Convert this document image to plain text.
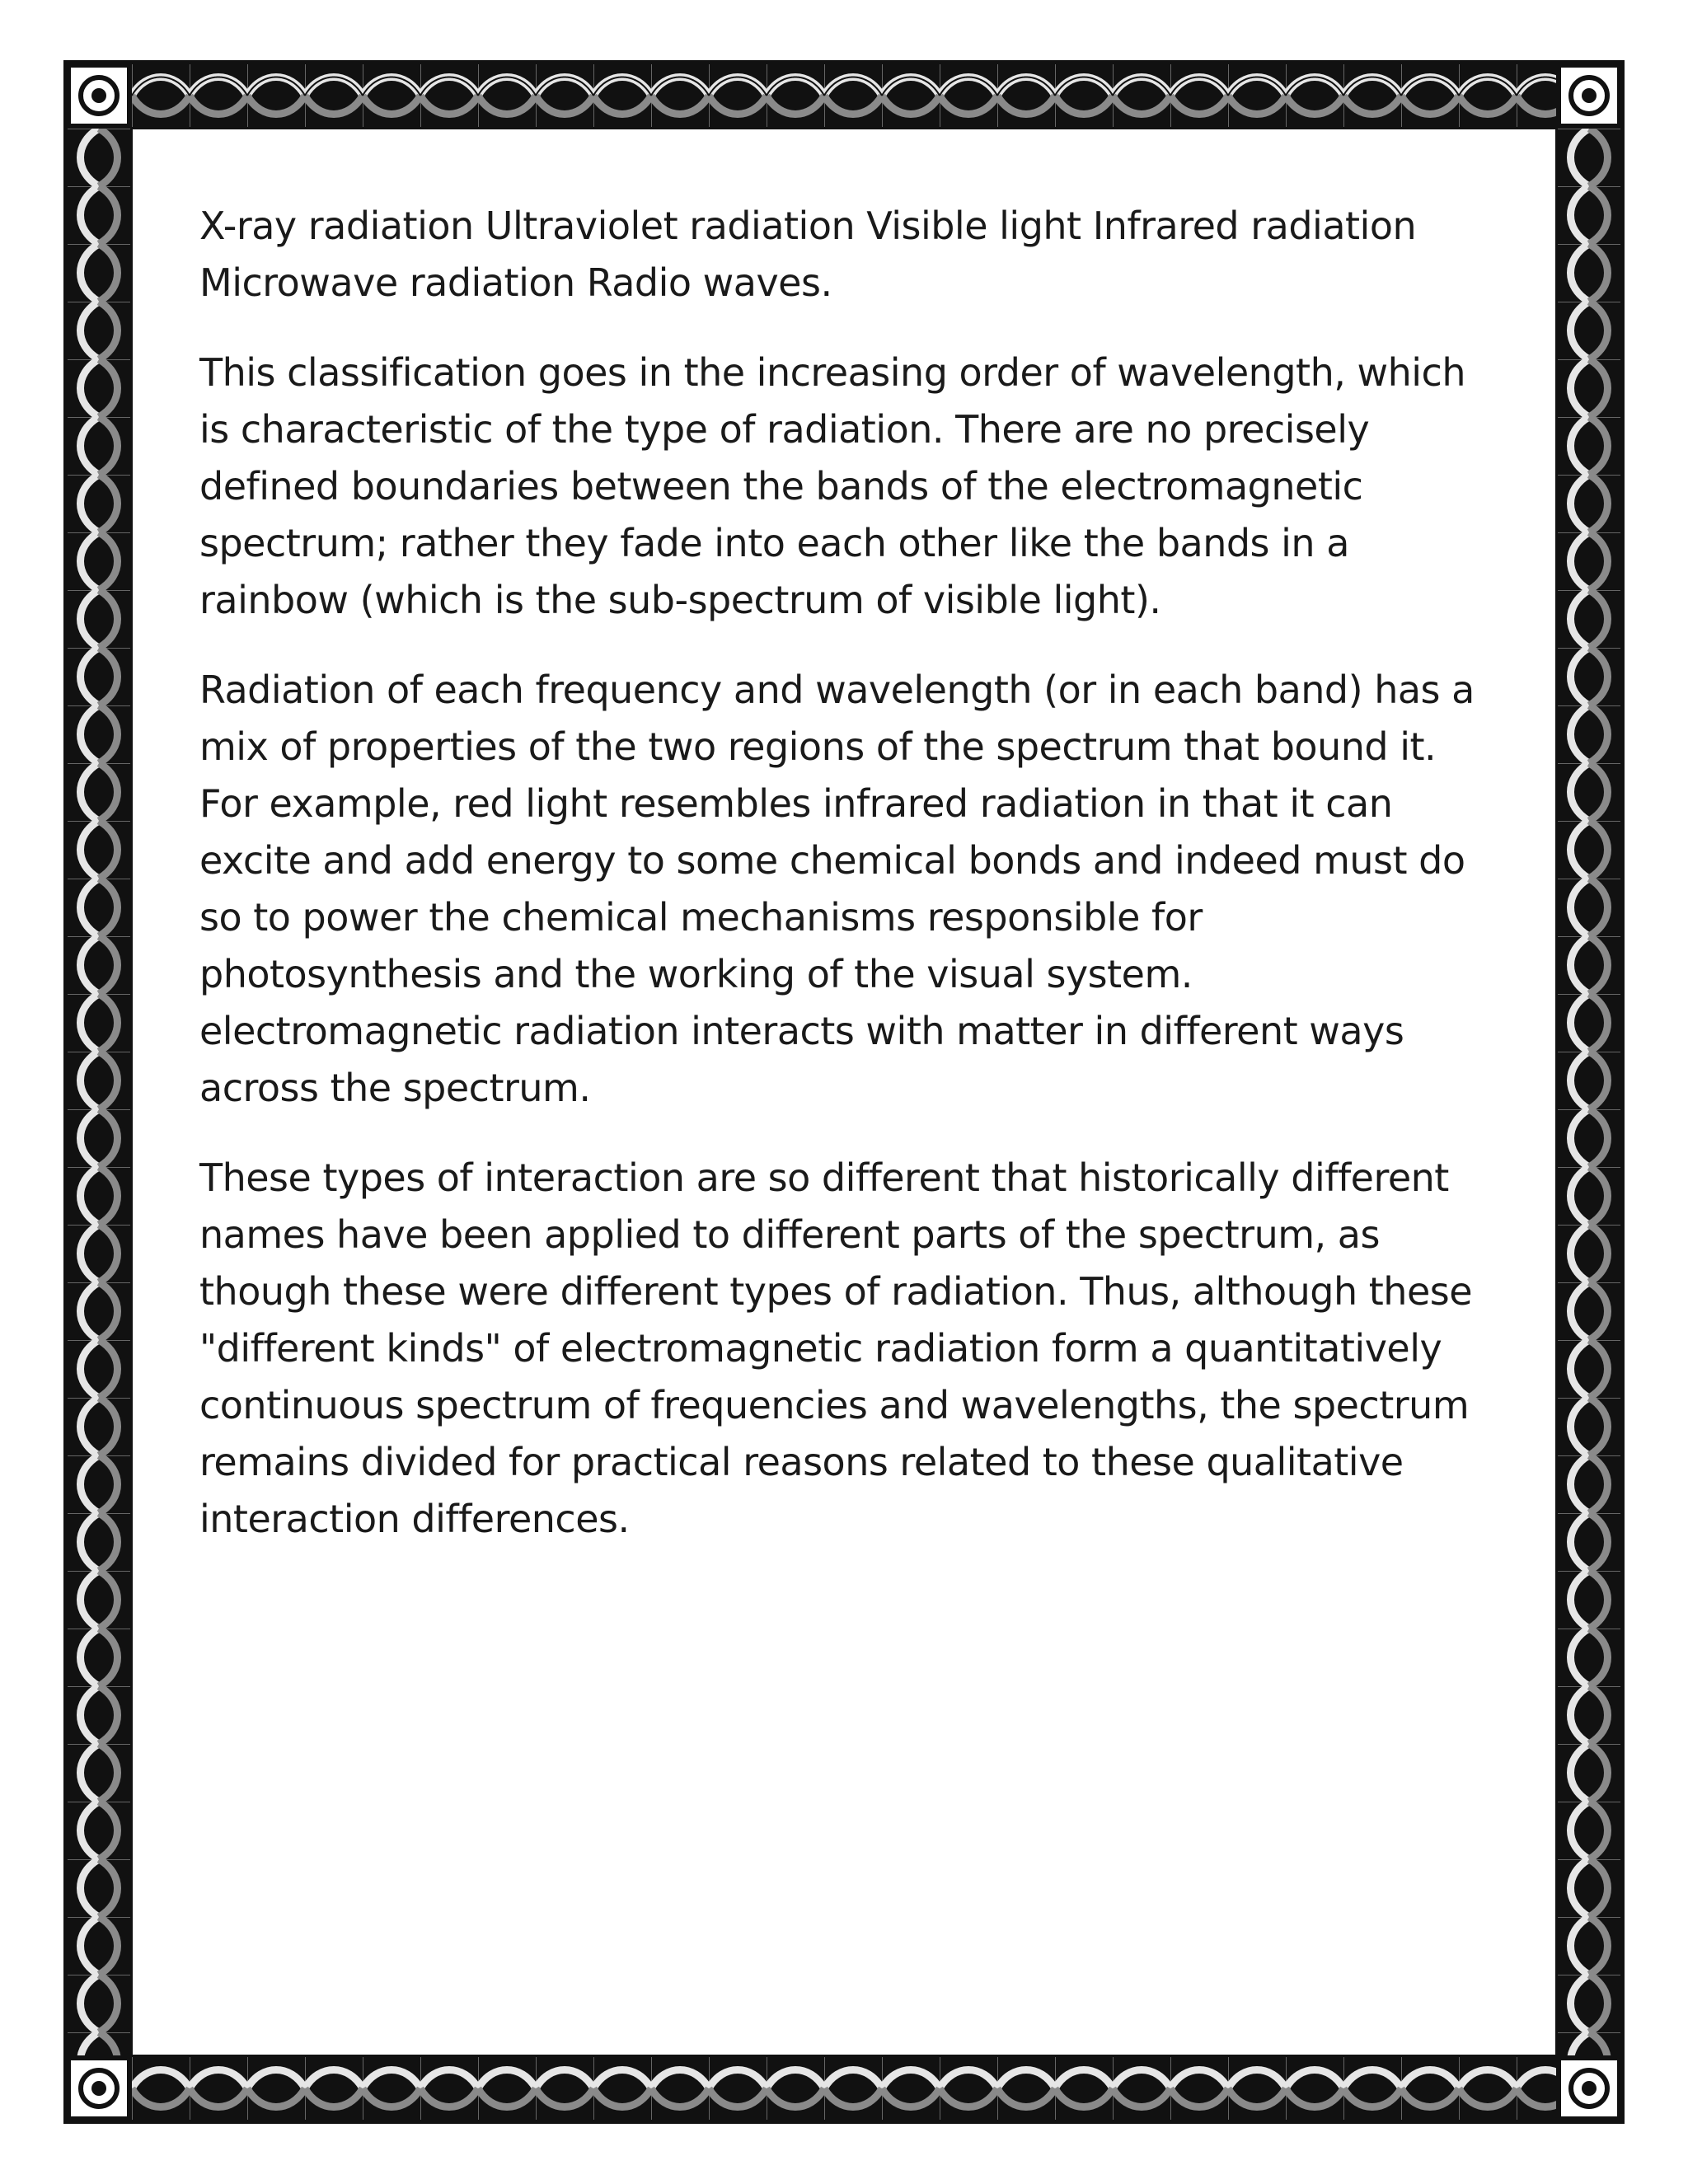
X-ray radiation Ultraviolet radiation Visible light Infrared radiation Microwave radiation Radio waves.

This classification goes in the increasing order of wavelength, which is characteristic of the type of radiation. There are no precisely defined boundaries between the bands of the electromagnetic spectrum; rather they fade into each other like the bands in a rainbow (which is the sub-spectrum of visible light).

Radiation of each frequency and wavelength (or in each band) has a mix of properties of the two regions of the spectrum that bound it. For example, red light resembles infrared radiation in that it can excite and add energy to some chemical bonds and indeed must do so to power the chemical mechanisms responsible for photosynthesis and the working of the visual system. electromagnetic radiation interacts with matter in different ways across the spectrum.

These types of interaction are so different that historically different names have been applied to different parts of the spectrum, as though these were different types of radiation. Thus, although these "different kinds" of electromagnetic radiation form a quantitatively continuous spectrum of frequencies and wavelengths, the spectrum remains divided for practical reasons related to these qualitative interaction differences.
